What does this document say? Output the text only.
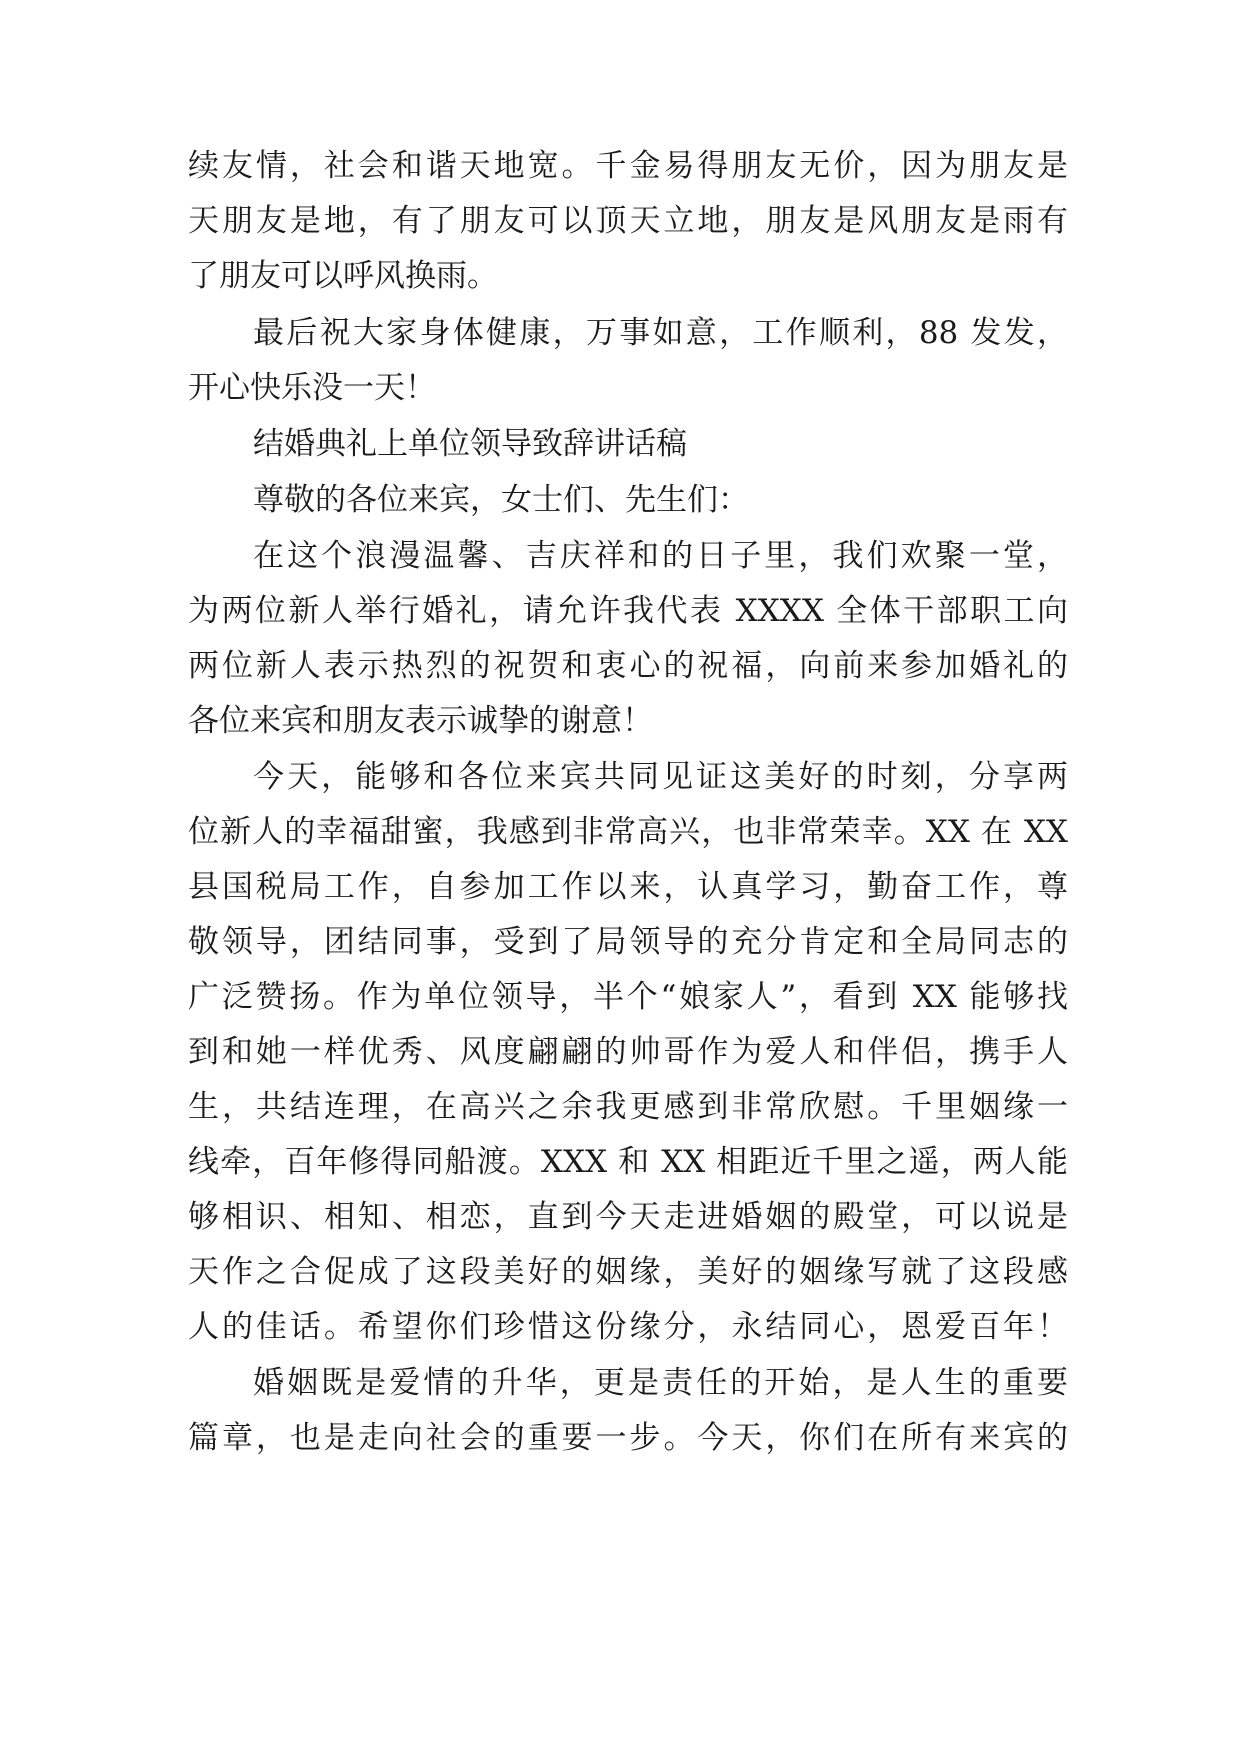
续友情，社会和谐天地宽。千金易得朋友无价，因为朋友是
天朋友是地，有了朋友可以顶天立地，朋友是风朋友是雨有
了朋友可以呼风换雨。
最后祝大家身体健康，万事如意，工作顺利，88 发发，
开心快乐没一天！
结婚典礼上单位领导致辞讲话稿
尊敬的各位来宾，女士们、先生们：
在这个浪漫温馨、吉庆祥和的日子里，我们欢聚一堂，
为两位新人举行婚礼，请允许我代表 XXXX 全体干部职工向
两位新人表示热烈的祝贺和衷心的祝福，向前来参加婚礼的
各位来宾和朋友表示诚挚的谢意！
今天，能够和各位来宾共同见证这美好的时刻，分享两
位新人的幸福甜蜜，我感到非常高兴，也非常荣幸。XX 在 XX
县国税局工作，自参加工作以来，认真学习，勤奋工作，尊
敬领导，团结同事，受到了局领导的充分肯定和全局同志的
广泛赞扬。作为单位领导，半个“娘家人”，看到 XX 能够找
到和她一样优秀、风度翩翩的帅哥作为爱人和伴侣，携手人
生，共结连理，在高兴之余我更感到非常欣慰。千里姻缘一
线牵，百年修得同船渡。XXX 和 XX 相距近千里之遥，两人能
够相识、相知、相恋，直到今天走进婚姻的殿堂，可以说是
天作之合促成了这段美好的姻缘，美好的姻缘写就了这段感
人的佳话。希望你们珍惜这份缘分，永结同心，恩爱百年！
婚姻既是爱情的升华，更是责任的开始，是人生的重要
篇章，也是走向社会的重要一步。今天，你们在所有来宾的
